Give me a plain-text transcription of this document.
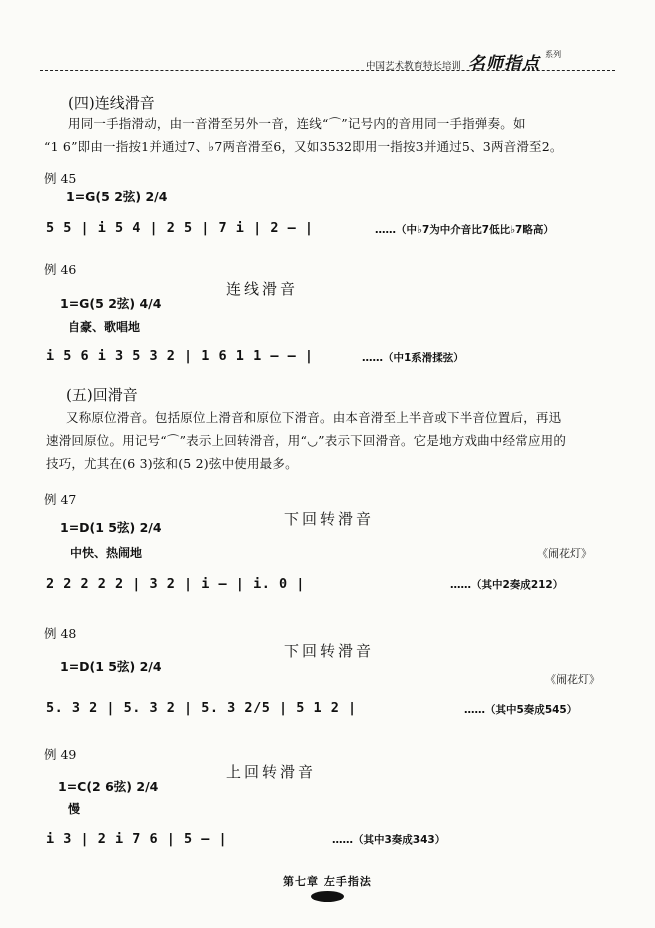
中国艺术教育特长培训 名师指点 $^{系列}$
(四)连线滑音
用同一手指滑动，由一音滑至另外一音，连线“⌒”记号内的音用同一手指弹奏。如
“1 6”即由一指按1并通过7、♭7两音滑至6，又如3532即用一指按3并通过5、3两音滑至2。
例 45
1=G(5 2弦) 2/4
5 5 | i 5 4 | 2 5 | 7 i | 2 – |	……（中♭7为中介音比7低比♭7略高）
例 46
连线滑音
1=G(5 2弦) 4/4
自豪、歌唱地
i 5 6 i 3 5 3 2 | 1 6 1 1 – – |	……（中1̇系滑揉弦）
(五)回滑音
又称原位滑音。包括原位上滑音和原位下滑音。由本音滑至上半音或下半音位置后，再迅
速滑回原位。用记号“⌒”表示上回转滑音，用“◡”表示下回滑音。它是地方戏曲中经常应用的
技巧，尤其在(6 3)弦和(5 2)弦中使用最多。
例 47
下回转滑音
1=D(1 5弦) 2/4
中快、热闹地	《闹花灯》
2 2 2 2 2 | 3 2 | i – | i. 0 |	……（其中2奏成212）
例 48
下回转滑音
1=D(1 5弦) 2/4
《闹花灯》
5. 3 2 | 5. 3 2 | 5. 3 2/5 | 5 1 2 |	……（其中5奏成545）
例 49
上回转滑音
1=C(2 6弦) 2/4
慢
i 3 | 2 i 7 6 | 5 – |	……（其中3奏成343）
第七章 左手指法
